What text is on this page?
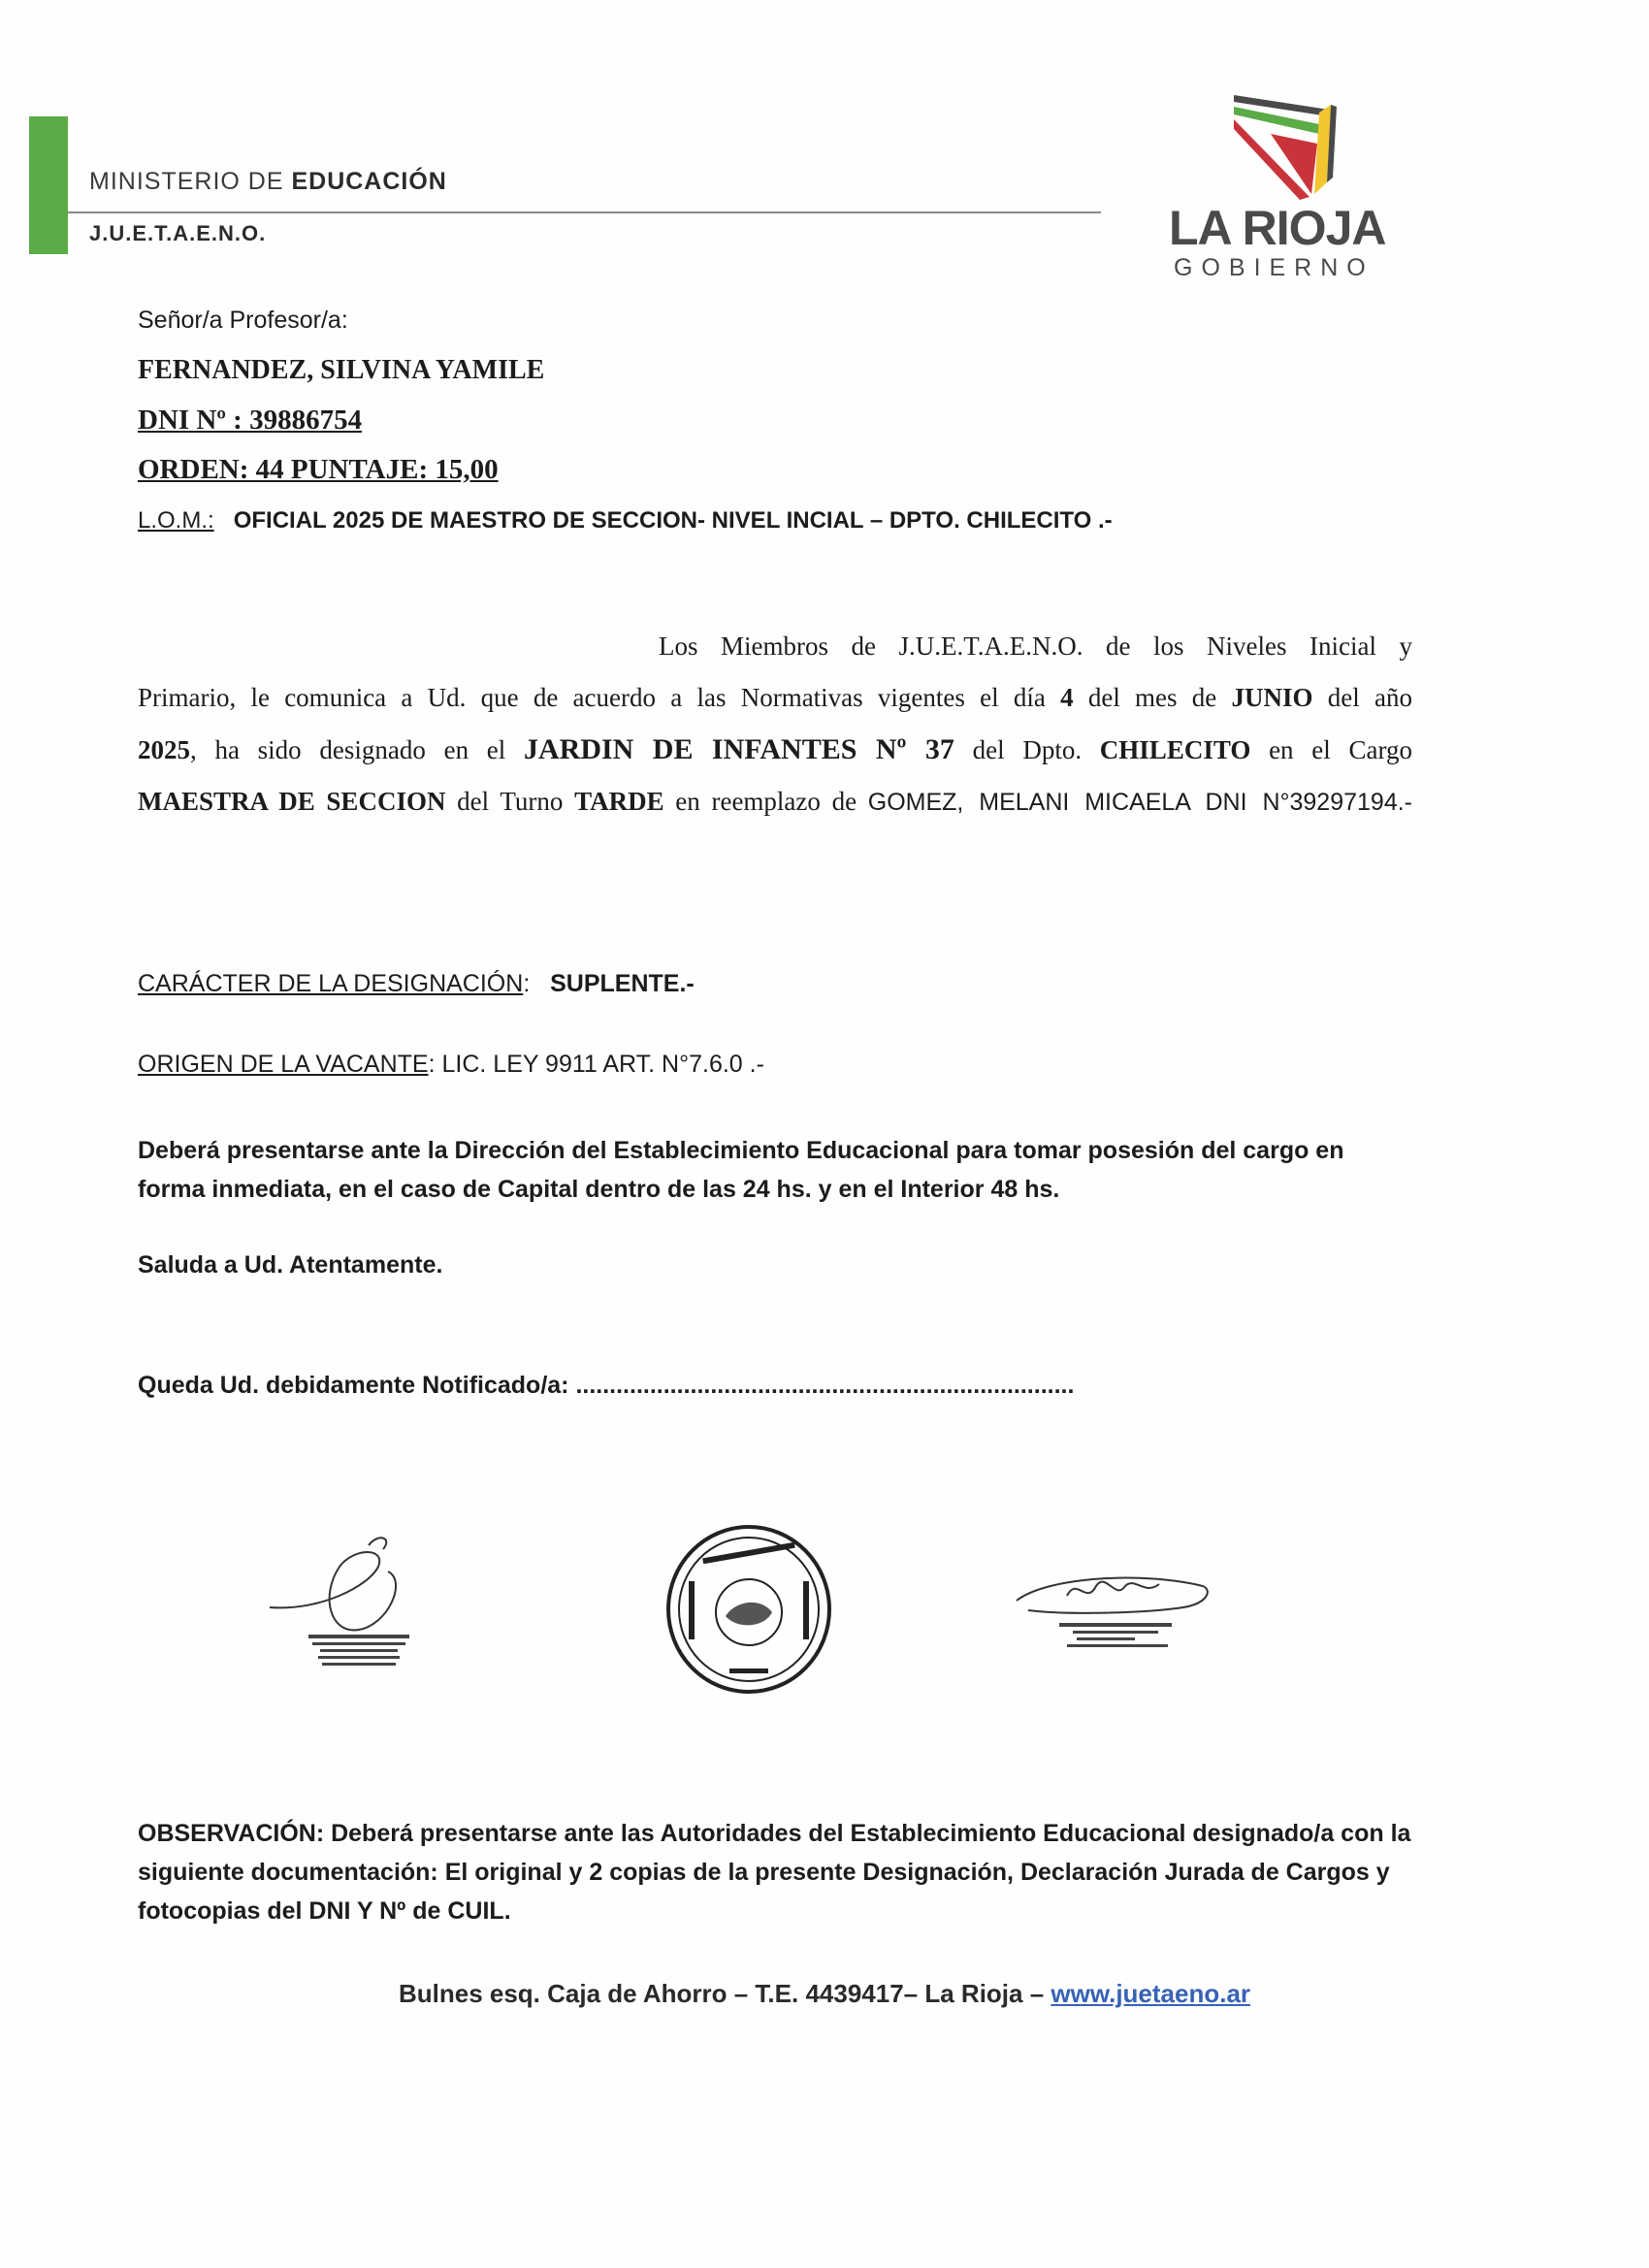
MINISTERIO DE EDUCACIÓN
J.U.E.T.A.E.N.O.	LA RIOJA
GOBIERNO
Señor/a Profesor/a:
FERNANDEZ, SILVINA YAMILE
DNI Nº : 39886754
ORDEN: 44 PUNTAJE: 15,00
L.O.M.: OFICIAL 2025 DE MAESTRO DE SECCION- NIVEL INCIAL – DPTO. CHILECITO .-
Los Miembros de J.U.E.T.A.E.N.O. de los Niveles Inicial y
Primario, le comunica a Ud. que de acuerdo a las Normativas vigentes el día 4 del mes de JUNIO del año
2025, ha sido designado en el JARDIN DE INFANTES Nº 37 del Dpto. CHILECITO en el Cargo
MAESTRA DE SECCION del Turno TARDE en reemplazo de GOMEZ, MELANI MICAELA DNI N°39297194.-
CARÁCTER DE LA DESIGNACIÓN:   SUPLENTE.-
ORIGEN DE LA VACANTE: LIC. LEY 9911 ART. N°7.6.0 .-
Deberá presentarse ante la Dirección del Establecimiento Educacional para tomar posesión del cargo en forma inmediata, en el caso de Capital dentro de las 24 hs. y en el Interior 48 hs.
Saluda a Ud. Atentamente.
Queda Ud. debidamente Notificado/a: ..........................................................................
OBSERVACIÓN: Deberá presentarse ante las Autoridades del Establecimiento Educacional designado/a con la siguiente documentación: El original y 2 copias de la presente Designación, Declaración Jurada de Cargos y fotocopias del DNI Y Nº de CUIL.
Bulnes esq. Caja de Ahorro – T.E. 4439417– La Rioja – www.juetaeno.ar
